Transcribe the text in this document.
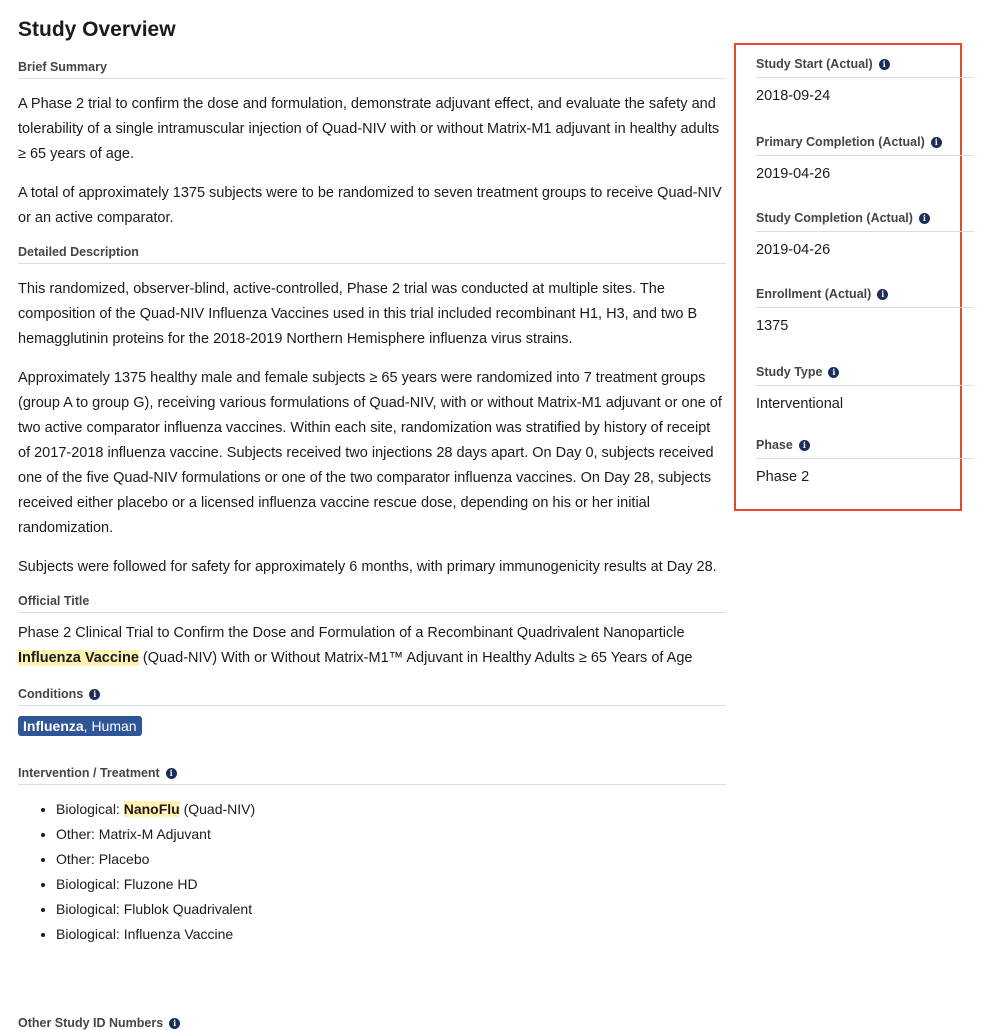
Study Overview
Brief Summary

A Phase 2 trial to confirm the dose and formulation, demonstrate adjuvant effect, and evaluate the safety and tolerability of a single intramuscular injection of Quad-NIV with or without Matrix-M1 adjuvant in healthy adults ≥ 65 years of age.

A total of approximately 1375 subjects were to be randomized to seven treatment groups to receive Quad-NIV or an active comparator.

Detailed Description

This randomized, observer-blind, active-controlled, Phase 2 trial was conducted at multiple sites. The composition of the Quad-NIV Influenza Vaccines used in this trial included recombinant H1, H3, and two B hemagglutinin proteins for the 2018-2019 Northern Hemisphere influenza virus strains.

Approximately 1375 healthy male and female subjects ≥ 65 years were randomized into 7 treatment groups (group A to group G), receiving various formulations of Quad-NIV, with or without Matrix-M1 adjuvant or one of two active comparator influenza vaccines. Within each site, randomization was stratified by history of receipt of 2017-2018 influenza vaccine. Subjects received two injections 28 days apart. On Day 0, subjects received one of the five Quad-NIV formulations or one of the two comparator influenza vaccines. On Day 28, subjects received either placebo or a licensed influenza vaccine rescue dose, depending on his or her initial randomization.

Subjects were followed for safety for approximately 6 months, with primary immunogenicity results at Day 28.

Official Title

Phase 2 Clinical Trial to Confirm the Dose and Formulation of a Recombinant Quadrivalent Nanoparticle Influenza Vaccine (Quad-NIV) With or Without Matrix-M1™ Adjuvant in Healthy Adults ≥ 65 Years of Age

Conditions	i
Influenza, Human
Intervention / Treatment	i
• Biological: NanoFlu (Quad-NIV)
• Other: Matrix-M Adjuvant
• Other: Placebo
• Biological: Fluzone HD
• Biological: Flublok Quadrivalent
• Biological: Influenza Vaccine
Other Study ID Numbers	i
Study Start (Actual)	i
2018-09-24
Primary Completion (Actual)	i
2019-04-26
Study Completion (Actual)	i
2019-04-26
Enrollment (Actual)	i
1375
Study Type	i
Interventional
Phase	i
Phase 2
